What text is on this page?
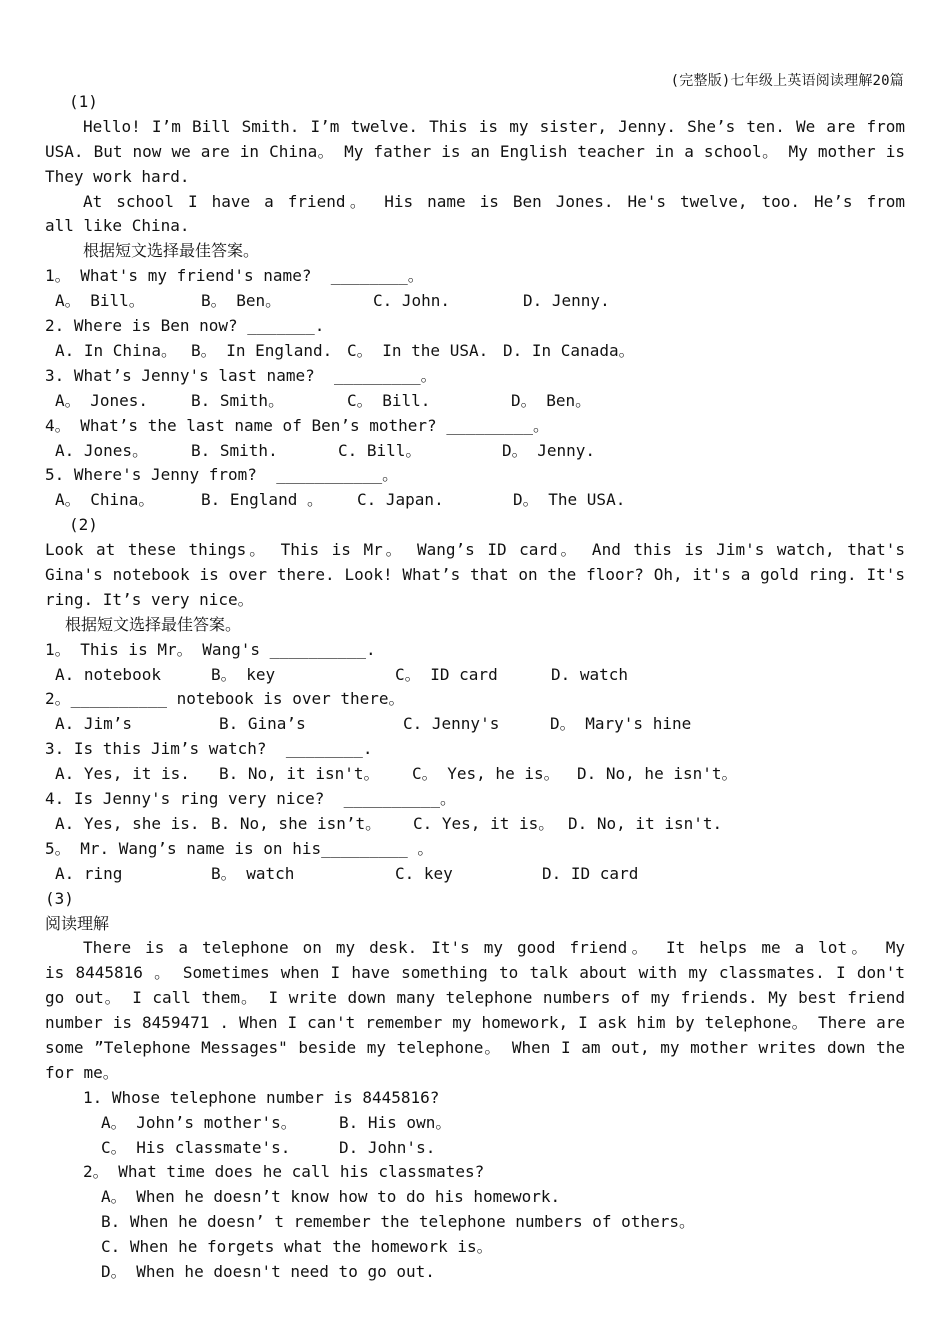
(完整版)七年级上英语阅读理解20篇
(1)
Hello! I’m Bill Smith. I’m twelve. This is my sister, Jenny. She’s ten. We are from
USA. But now we are in China。 My father is an English teacher in a school。 My mother is
They work hard.
At school I have a friend。 His name is Ben Jones. He's twelve, too. He’s from
all like China.
根据短文选择最佳答案。
1。 What's my friend's name?  ________。
A。 Bill。	B。 Ben。	C. John.	D. Jenny.
2. Where is Ben now? _______.
A. In China。 B。 In England. C。 In the USA. D. In Canada。
3. What’s Jenny's last name?  _________。
A。 Jones.	B. Smith。	C。 Bill.	D。 Ben。
4。 What’s the last name of Ben’s mother? _________。
A. Jones。	B. Smith.	C. Bill。	D。 Jenny.
5. Where's Jenny from?  ___________。
A。 China。	B. England 。	C. Japan.	D。 The USA.
(2)
Look at these things。 This is Mr。 Wang’s ID card。 And this is Jim's watch, that's
Gina's notebook is over there. Look! What’s that on the floor? Oh, it's a gold ring. It's
ring. It’s very nice。
根据短文选择最佳答案。
1。 This is Mr。 Wang's __________.
A. notebook	B。 key	C。 ID card	D. watch
2。__________ notebook is over there。
A. Jim’s	B. Gina’s	C. Jenny's	D。 Mary's hine
3. Is this Jim’s watch?  ________.
A. Yes, it is.	B. No, it isn't。	C。 Yes, he is。	D. No, he isn't。
4. Is Jenny's ring very nice?  __________。
A. Yes, she is. B. No, she isn’t。	C. Yes, it is。 D. No, it isn't.
5。 Mr. Wang’s name is on his_________ 。
A. ring	B。 watch	C. key	D. ID card
(3)
阅读理解
There is a telephone on my desk. It's my good friend。 It helps me a lot。 My
is 8445816 。 Sometimes when I have something to talk about with my classmates. I don't
go out。 I call them。 I write down many telephone numbers of my friends. My best friend
number is 8459471 . When I can't remember my homework, I ask him by telephone。 There are
some ”Telephone Messages" beside my telephone。 When I am out, my mother writes down the
for me。
1. Whose telephone number is 8445816?
A。 John’s mother's。	B. His own。
C。 His classmate's.	D. John's.
2。 What time does he call his classmates?
A。 When he doesn’t know how to do his homework.
B. When he doesn’ t remember the telephone numbers of others。
C. When he forgets what the homework is。
D。 When he doesn't need to go out.
